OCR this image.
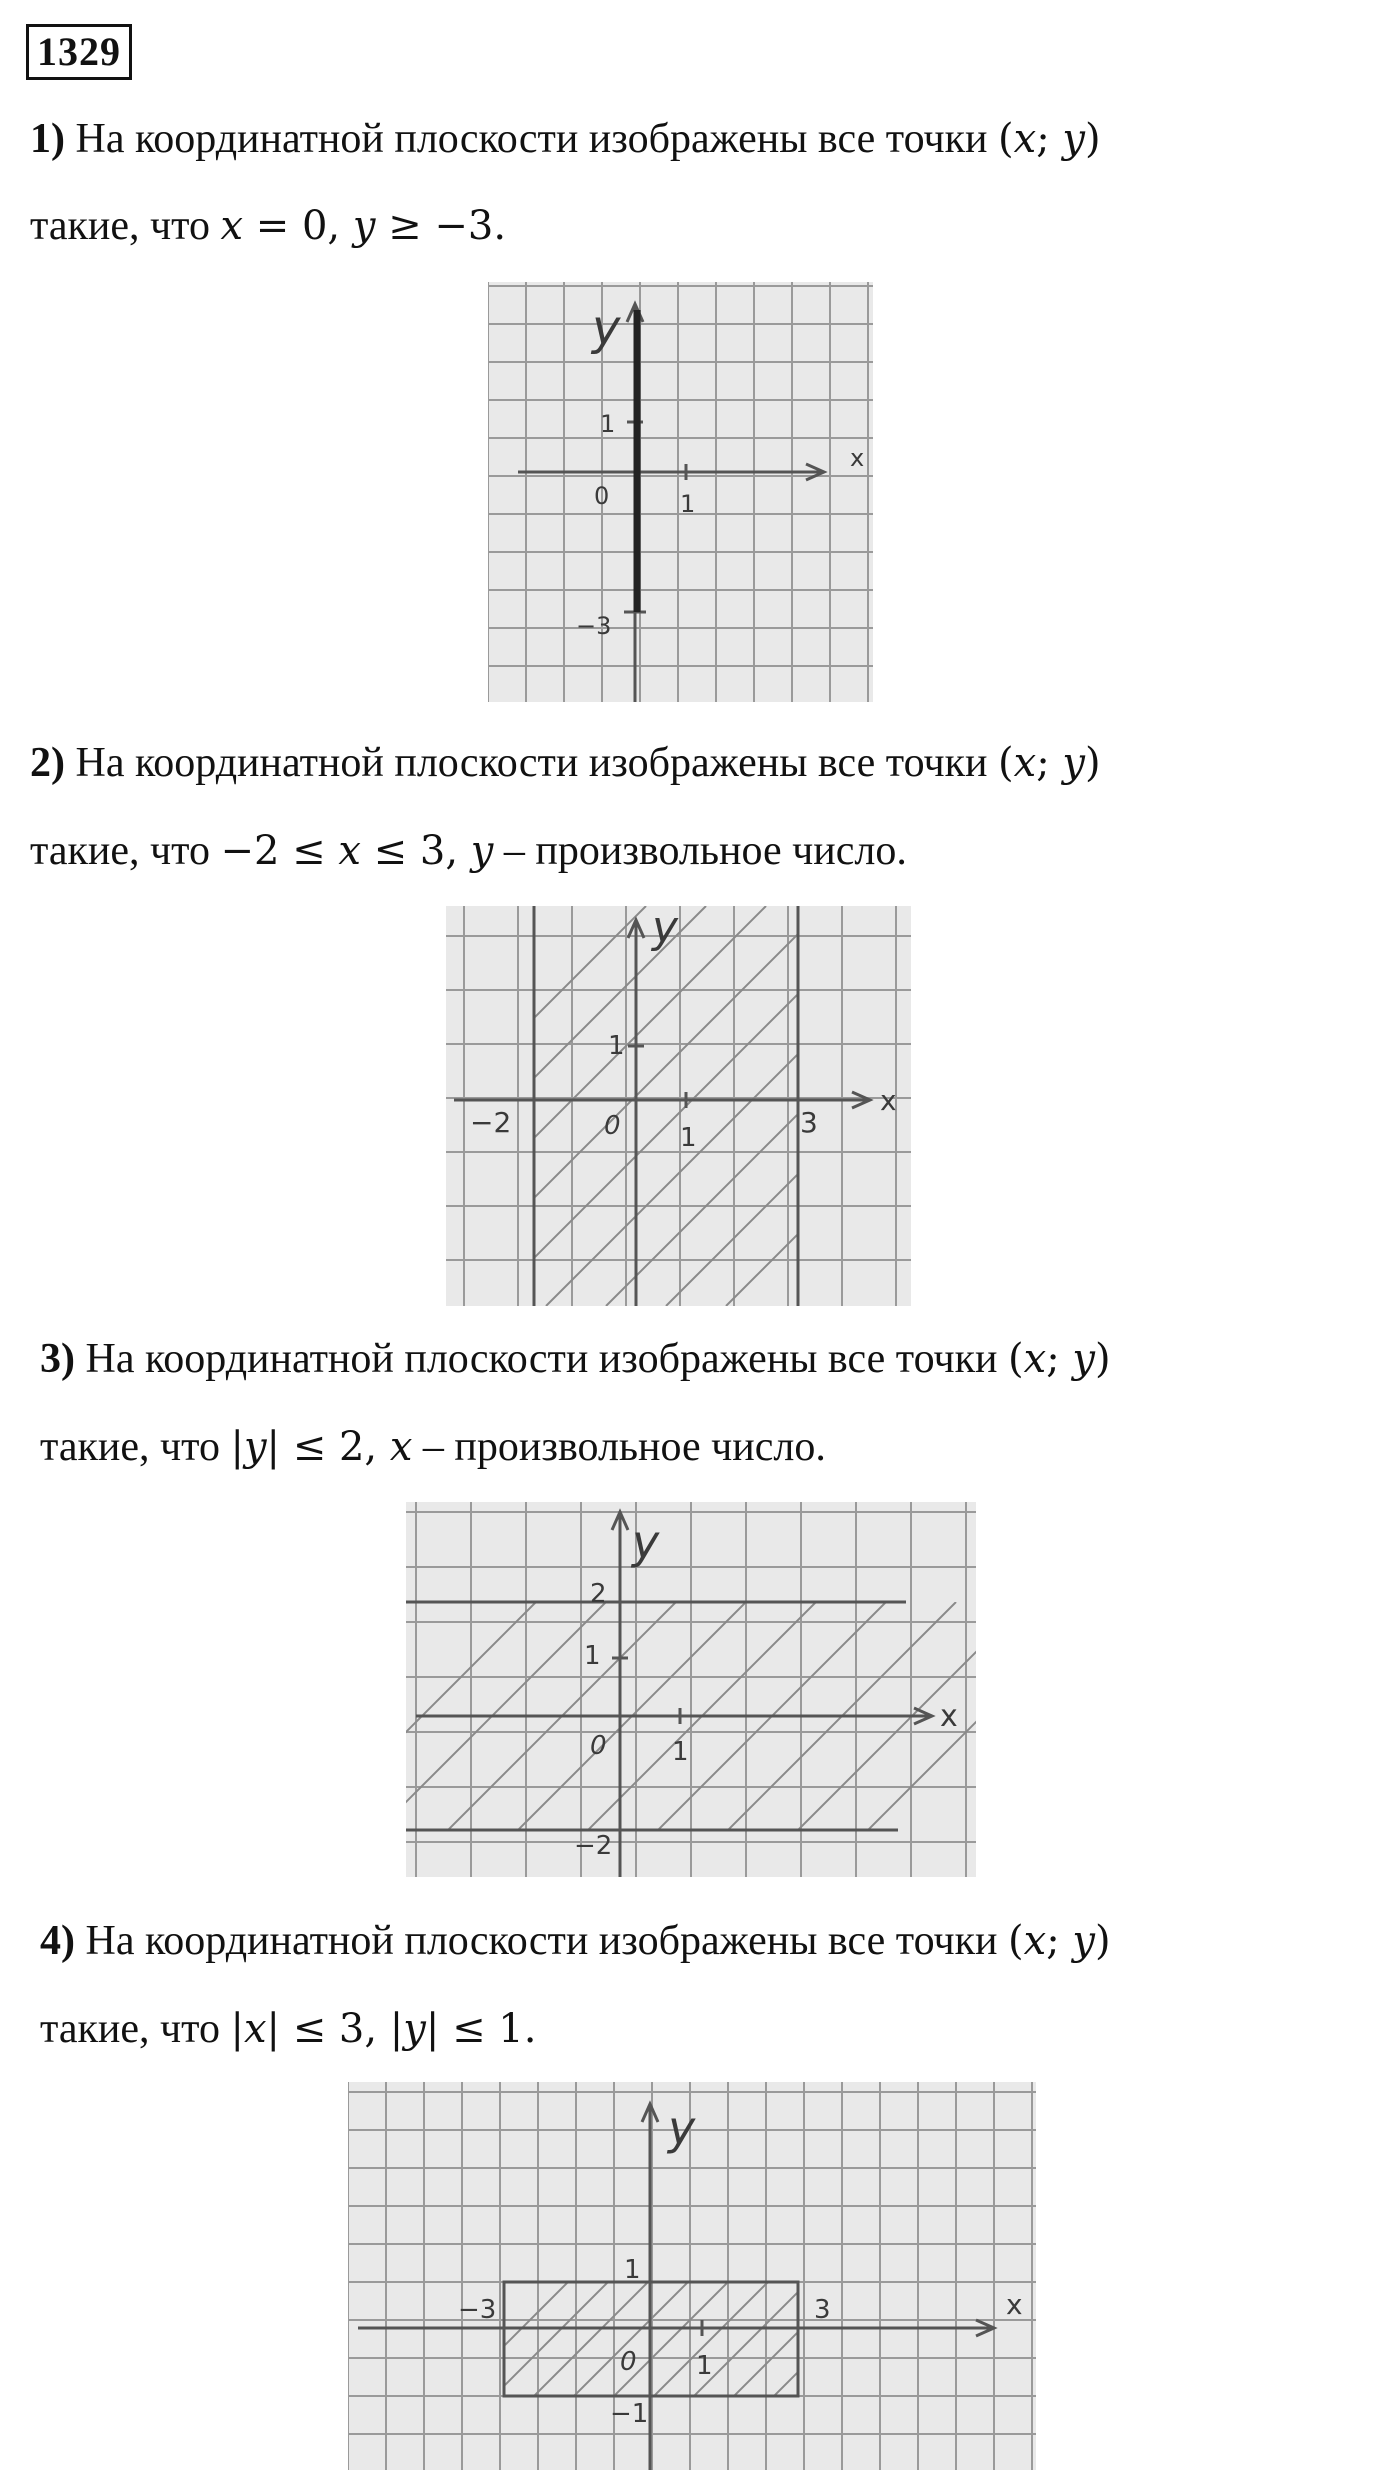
1329
1) На координатной плоскости изображены все точки (𝑥; 𝑦)
такие, что 𝑥 = 0, 𝑦 ≥ −3.
x
y
0	1
1
−3
2) На координатной плоскости изображены все точки (𝑥; 𝑦)
такие, что −2 ≤ 𝑥 ≤ 3, 𝑦 – произвольное число.
x
y
0 1
1
−2	3
3) На координатной плоскости изображены все точки (𝑥; 𝑦)
такие, что |𝑦| ≤ 2, 𝑥 – произвольное число.
x
y
0	1
1
2
−2
4) На координатной плоскости изображены все точки (𝑥; 𝑦)
такие, что |𝑥| ≤ 3, |𝑦| ≤ 1.
x
y
0 1
1
−3	3
−1
